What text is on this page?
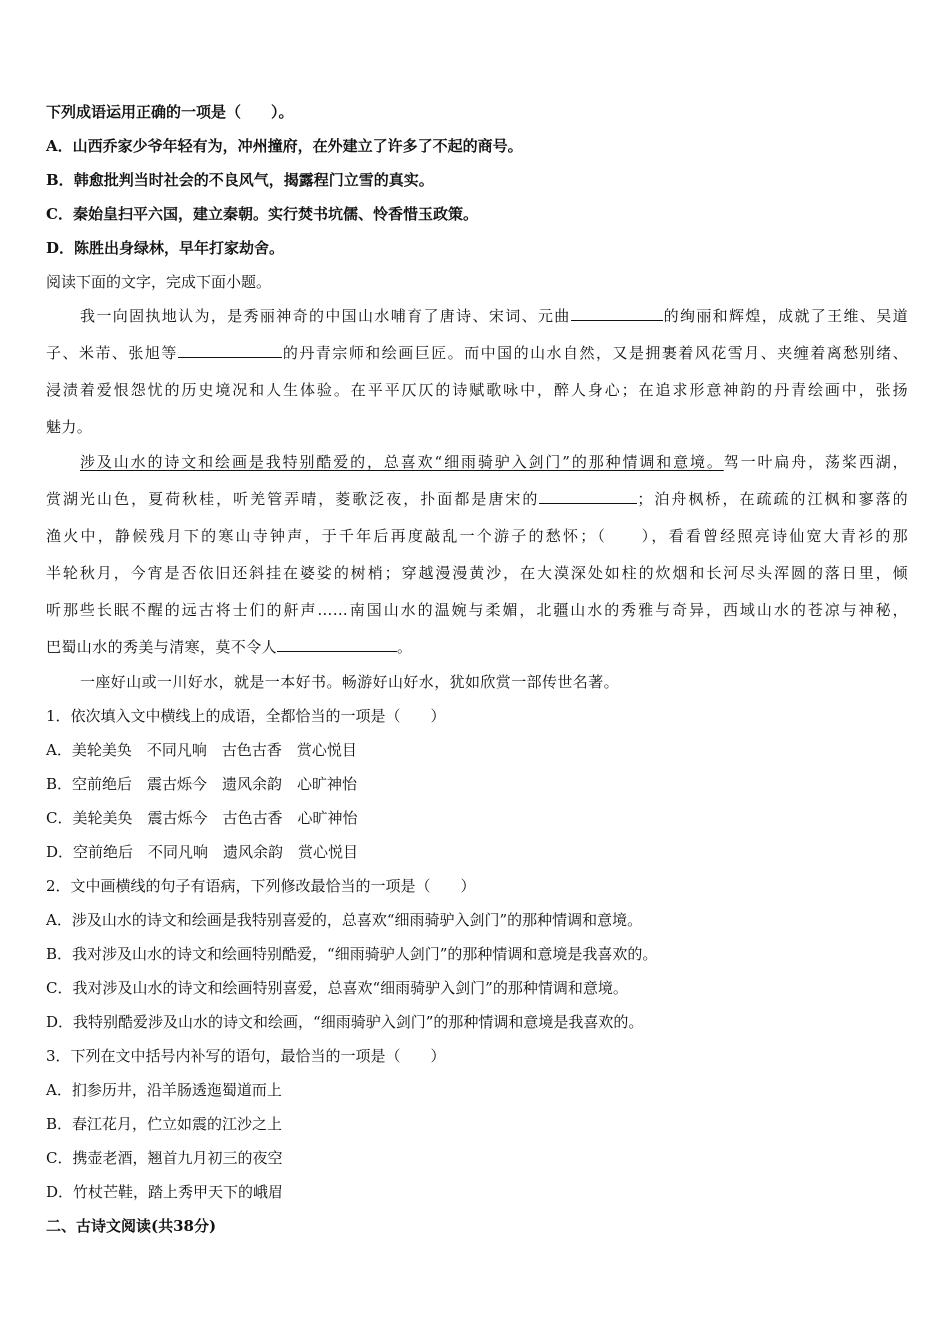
下列成语运用正确的一项是（　　）。
A．山西乔家少爷年轻有为，冲州撞府，在外建立了许多了不起的商号。
B．韩愈批判当时社会的不良风气，揭露程门立雪的真实。
C．秦始皇扫平六国，建立秦朝。实行焚书坑儒、怜香惜玉政策。
D．陈胜出身绿林，早年打家劫舍。
阅读下面的文字，完成下面小题。
我一向固执地认为，是秀丽神奇的中国山水哺育了唐诗、宋词、元曲	的绚丽和辉煌，成就了王维、吴道
子、米芾、张旭等	的丹青宗师和绘画巨匠。而中国的山水自然，又是拥裹着风花雪月、夹缠着离愁别绪、
浸渍着爱恨怨忧的历史境况和人生体验。在平平仄仄的诗赋歌咏中，醉人身心；在追求形意神韵的丹青绘画中，张扬
魅力。
涉及山水的诗文和绘画是我特别酷爱的，总喜欢“细雨骑驴入剑门”的那种情调和意境。驾一叶扁舟，荡桨西湖，
赏湖光山色，夏荷秋桂，听羌管弄晴，菱歌泛夜，扑面都是唐宋的	；泊舟枫桥，在疏疏的江枫和寥落的
渔火中，静候残月下的寒山寺钟声，于千年后再度敲乱一个游子的愁怀；（　　），看看曾经照亮诗仙宽大青衫的那
半轮秋月，今宵是否依旧还斜挂在婆娑的树梢；穿越漫漫黄沙，在大漠深处如柱的炊烟和长河尽头浑圆的落日里，倾
听那些长眠不醒的远古将士们的鼾声……南国山水的温婉与柔媚，北疆山水的秀雅与奇异，西域山水的苍凉与神秘，
巴蜀山水的秀美与清寒，莫不令人	。
一座好山或一川好水，就是一本好书。畅游好山好水，犹如欣赏一部传世名著。
1．依次填入文中横线上的成语，全都恰当的一项是（　　）
A．美轮美奂　不同凡响　古色古香　赏心悦目
B．空前绝后　震古烁今　遗风余韵　心旷神怡
C．美轮美奂　震古烁今　古色古香　心旷神怡
D．空前绝后　不同凡响　遗风余韵　赏心悦目
2．文中画横线的句子有语病，下列修改最恰当的一项是（　　）
A．涉及山水的诗文和绘画是我特别喜爱的，总喜欢“细雨骑驴入剑门”的那种情调和意境。
B．我对涉及山水的诗文和绘画特别酷爱，“细雨骑驴人剑门”的那种情调和意境是我喜欢的。
C．我对涉及山水的诗文和绘画特别喜爱，总喜欢“细雨骑驴入剑门”的那种情调和意境。
D．我特别酷爱涉及山水的诗文和绘画，“细雨骑驴入剑门”的那种情调和意境是我喜欢的。
3．下列在文中括号内补写的语句，最恰当的一项是（　　）
A．扪参历井，沿羊肠透迤蜀道而上
B．春江花月，伫立如震的江沙之上
C．携壶老酒，翘首九月初三的夜空
D．竹杖芒鞋，踏上秀甲天下的峨眉
二、古诗文阅读(共38分)
